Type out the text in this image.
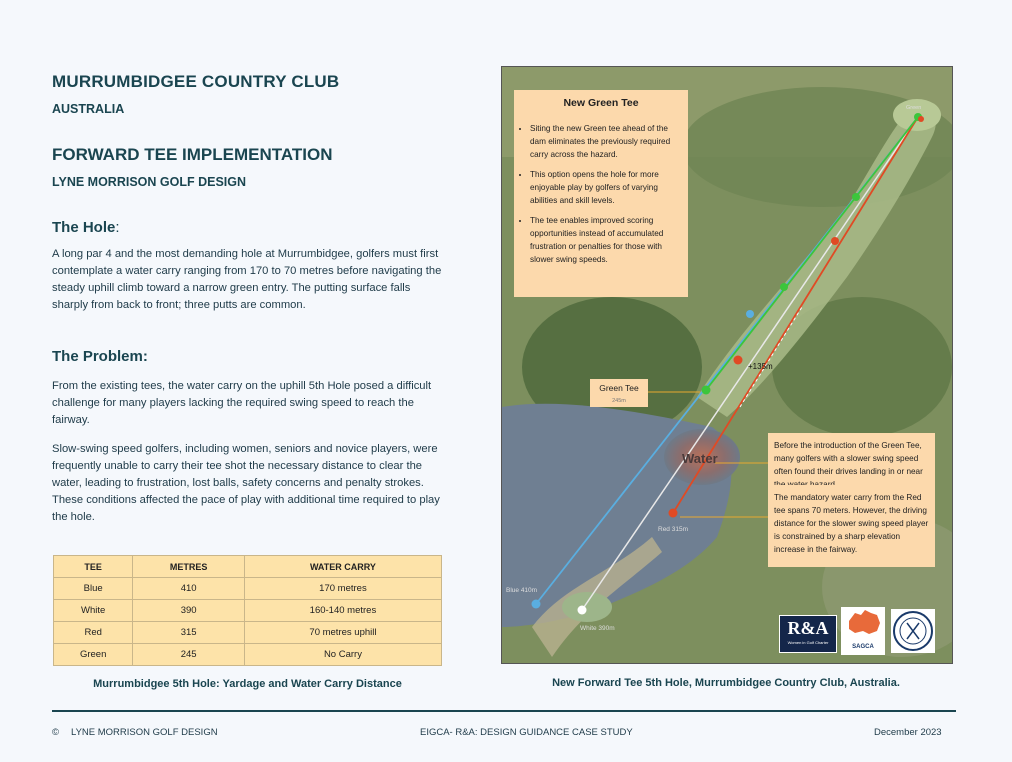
MURRUMBIDGEE COUNTRY CLUB
AUSTRALIA
FORWARD TEE IMPLEMENTATION
LYNE MORRISON GOLF DESIGN
The Hole:
A long par 4 and the most demanding hole at Murrumbidgee, golfers must first contemplate a water carry ranging from 170 to 70 metres before navigating the steady uphill climb toward a narrow green entry. The putting surface falls sharply from back to front; three putts are common.
The Problem:
From the existing tees, the water carry on the uphill 5th Hole posed a difficult challenge for many players lacking the required swing speed to reach the fairway.
Slow-swing speed golfers, including women, seniors and novice players, were frequently unable to carry their tee shot the necessary distance to clear the water, leading to frustration, lost balls, safety concerns and penalty strokes. These conditions affected the pace of play with additional time required to play the hole.
TEE	METRES	WATER CARRY
Blue	410	170 metres
White	390	160-140 metres
Red	315	70 metres uphill
Green	245	No Carry
Murrumbidgee 5th Hole: Yardage and Water Carry Distance
Water
+135m
Red 315m
Blue 410m
White 390m
Green
New Green Tee
• Siting the new Green tee ahead of the dam eliminates the previously required carry across the hazard.
• This option opens the hole for more enjoyable play by golfers of varying abilities and skill levels.
• The tee enables improved scoring opportunities instead of accumulated frustration or penalties for those with slower swing speeds.
Green Tee
245m
Before the introduction of the Green Tee, many golfers with a slower swing speed often found their drives landing in or near
The mandatory water carry from the Red tee spans 70 meters. However, the driving distance for the slower swing speed player is constrained by a sharp elevation increase in the fairway.
R&A
Women in Golf Charter
SAGCA
New Forward Tee 5th Hole, Murrumbidgee Country Club, Australia.
© LYNE MORRISON GOLF DESIGN	EIGCA- R&A: DESIGN GUIDANCE CASE STUDY	December 2023
